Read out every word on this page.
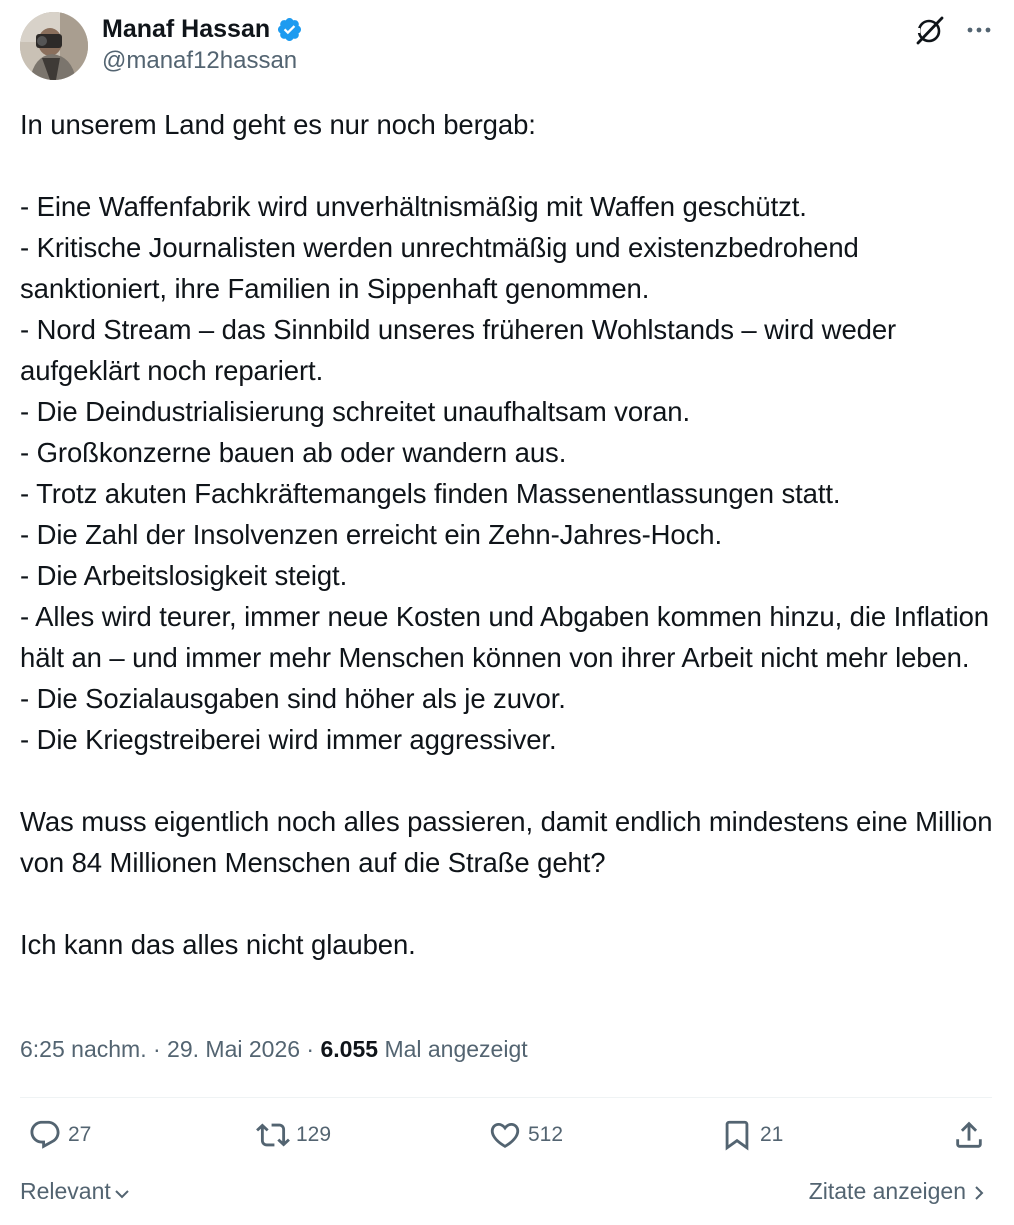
Manaf Hassan
@manaf12hassan
In unserem Land geht es nur noch bergab:

- Eine Waffenfabrik wird unverhältnismäßig mit Waffen geschützt.
- Kritische Journalisten werden unrechtmäßig und existenzbedrohend sanktioniert, ihre Familien in Sippenhaft genommen.
- Nord Stream – das Sinnbild unseres früheren Wohlstands – wird weder aufgeklärt noch repariert.
- Die Deindustrialisierung schreitet unaufhaltsam voran.
- Großkonzerne bauen ab oder wandern aus.
- Trotz akuten Fachkräftemangels finden Massenentlassungen statt.
- Die Zahl der Insolvenzen erreicht ein Zehn-Jahres-Hoch.
- Die Arbeitslosigkeit steigt.
- Alles wird teurer, immer neue Kosten und Abgaben kommen hinzu, die Inflation hält an – und immer mehr Menschen können von ihrer Arbeit nicht mehr leben.
- Die Sozialausgaben sind höher als je zuvor.
- Die Kriegstreiberei wird immer aggressiver.

Was muss eigentlich noch alles passieren, damit endlich mindestens eine Million von 84 Millionen Menschen auf die Straße geht?

Ich kann das alles nicht glauben.
6:25 nachm. · 29. Mai 2026 · 6.055 Mal angezeigt
27	129	512	21
Relevant	Zitate anzeigen
